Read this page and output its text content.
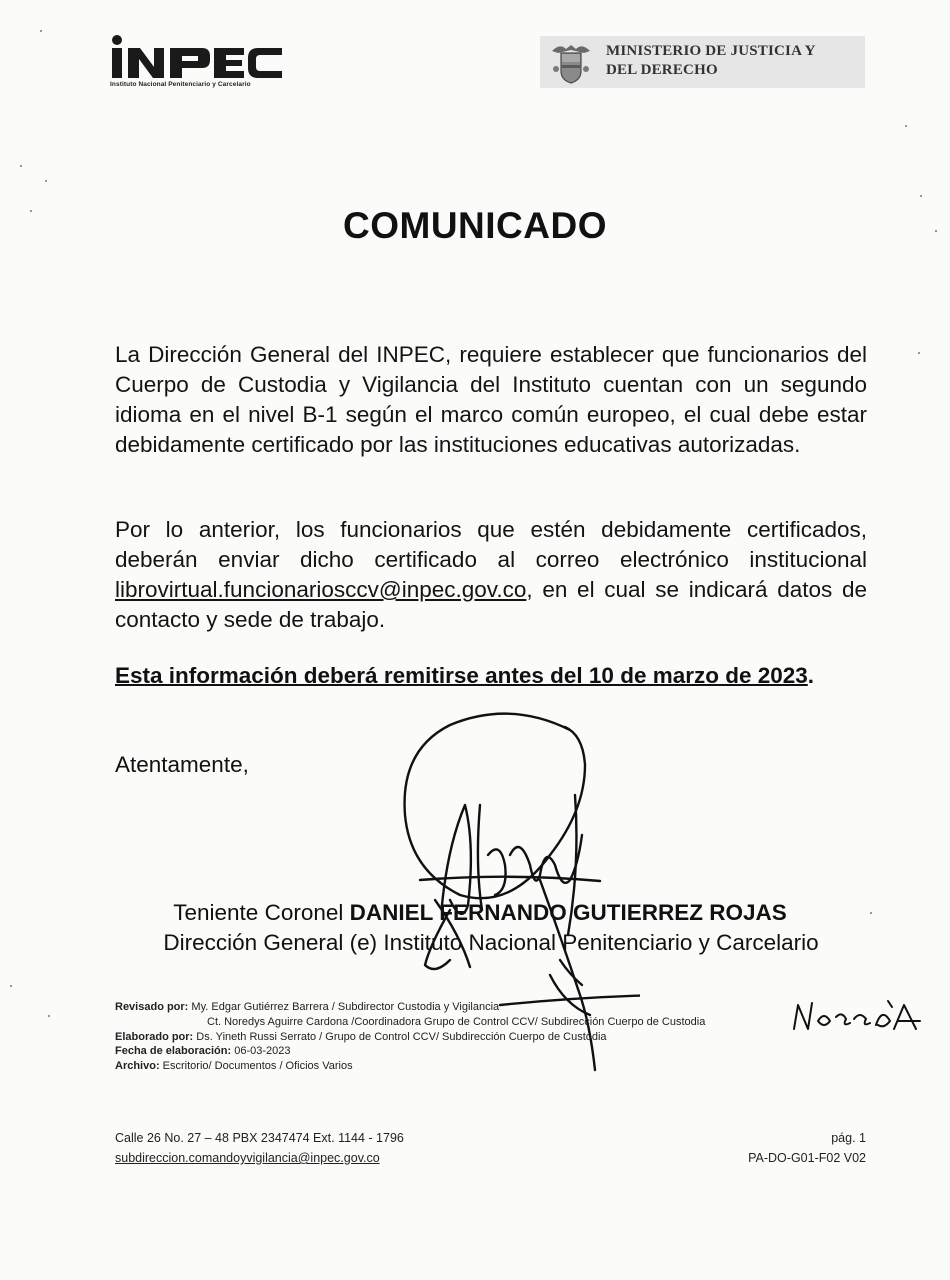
Instituto Nacional Penitenciario y Carcelario
MINISTERIO DE JUSTICIA Y
DEL DERECHO
COMUNICADO

La Dirección General del INPEC, requiere establecer que funcionarios del Cuerpo de Custodia y Vigilancia del Instituto cuentan con un segundo idioma en el nivel B-1 según el marco común europeo, el cual debe estar debidamente certificado por las instituciones educativas autorizadas.

Por lo anterior, los funcionarios que estén debidamente certificados, deberán enviar dicho certificado al correo electrónico institucional librovirtual.funcionariosccv@inpec.gov.co, en el cual se indicará datos de contacto y sede de trabajo.

Esta información deberá remitirse antes del 10 de marzo de 2023.

Atentamente,
Teniente Coronel DANIEL FERNANDO GUTIERREZ ROJAS
Dirección General (e) Instituto Nacional Penitenciario y Carcelario
Revisado por: My. Edgar Gutiérrez Barrera / Subdirector Custodia y Vigilancia
Ct. Noredys Aguirre Cardona /Coordinadora Grupo de Control CCV/ Subdirección Cuerpo de Custodia
Elaborado por: Ds. Yineth Russi Serrato / Grupo de Control CCV/ Subdirección Cuerpo de Custodia
Fecha de elaboración: 06-03-2023
Archivo: Escritorio/ Documentos / Oficios Varios
Calle 26 No. 27 – 48 PBX 2347474 Ext. 1144 - 1796
subdireccion.comandoyvigilancia@inpec.gov.co
pág. 1
PA-DO-G01-F02 V02
